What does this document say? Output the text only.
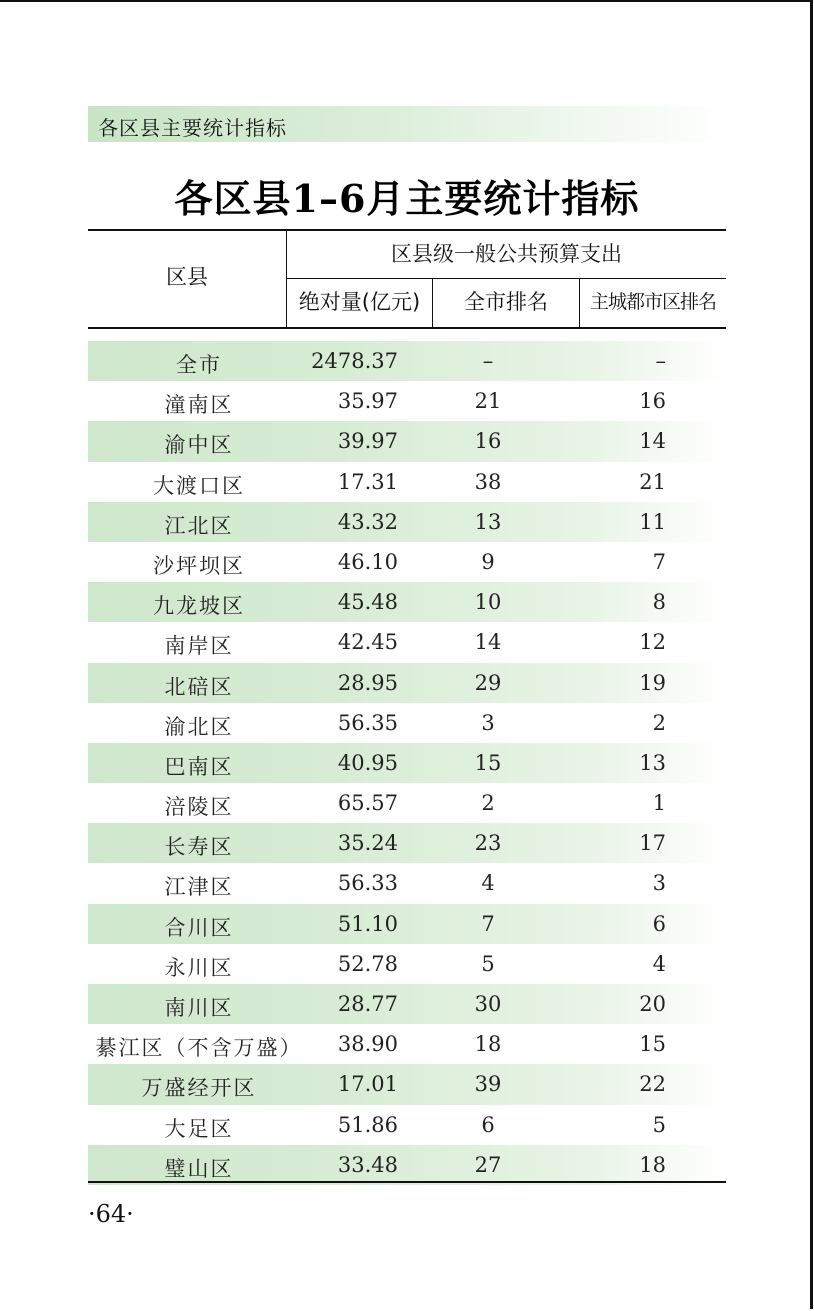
各区县主要统计指标
各区县1–6月主要统计指标
区县
区县级一般公共预算支出
绝对量(亿元)	全市排名	主城都市区排名
全市	2478.37	–	–
潼南区	35.97	21	16
渝中区	39.97	16	14
大渡口区	17.31	38	21
江北区	43.32	13	11
沙坪坝区	46.10	9	7
九龙坡区	45.48	10	8
南岸区	42.45	14	12
北碚区	28.95	29	19
渝北区	56.35	3	2
巴南区	40.95	15	13
涪陵区	65.57	2	1
长寿区	35.24	23	17
江津区	56.33	4	3
合川区	51.10	7	6
永川区	52.78	5	4
南川区	28.77	30	20
綦江区（不含万盛）	38.90	18	15
万盛经开区	17.01	39	22
大足区	51.86	6	5
璧山区	33.48	27	18
·64·
